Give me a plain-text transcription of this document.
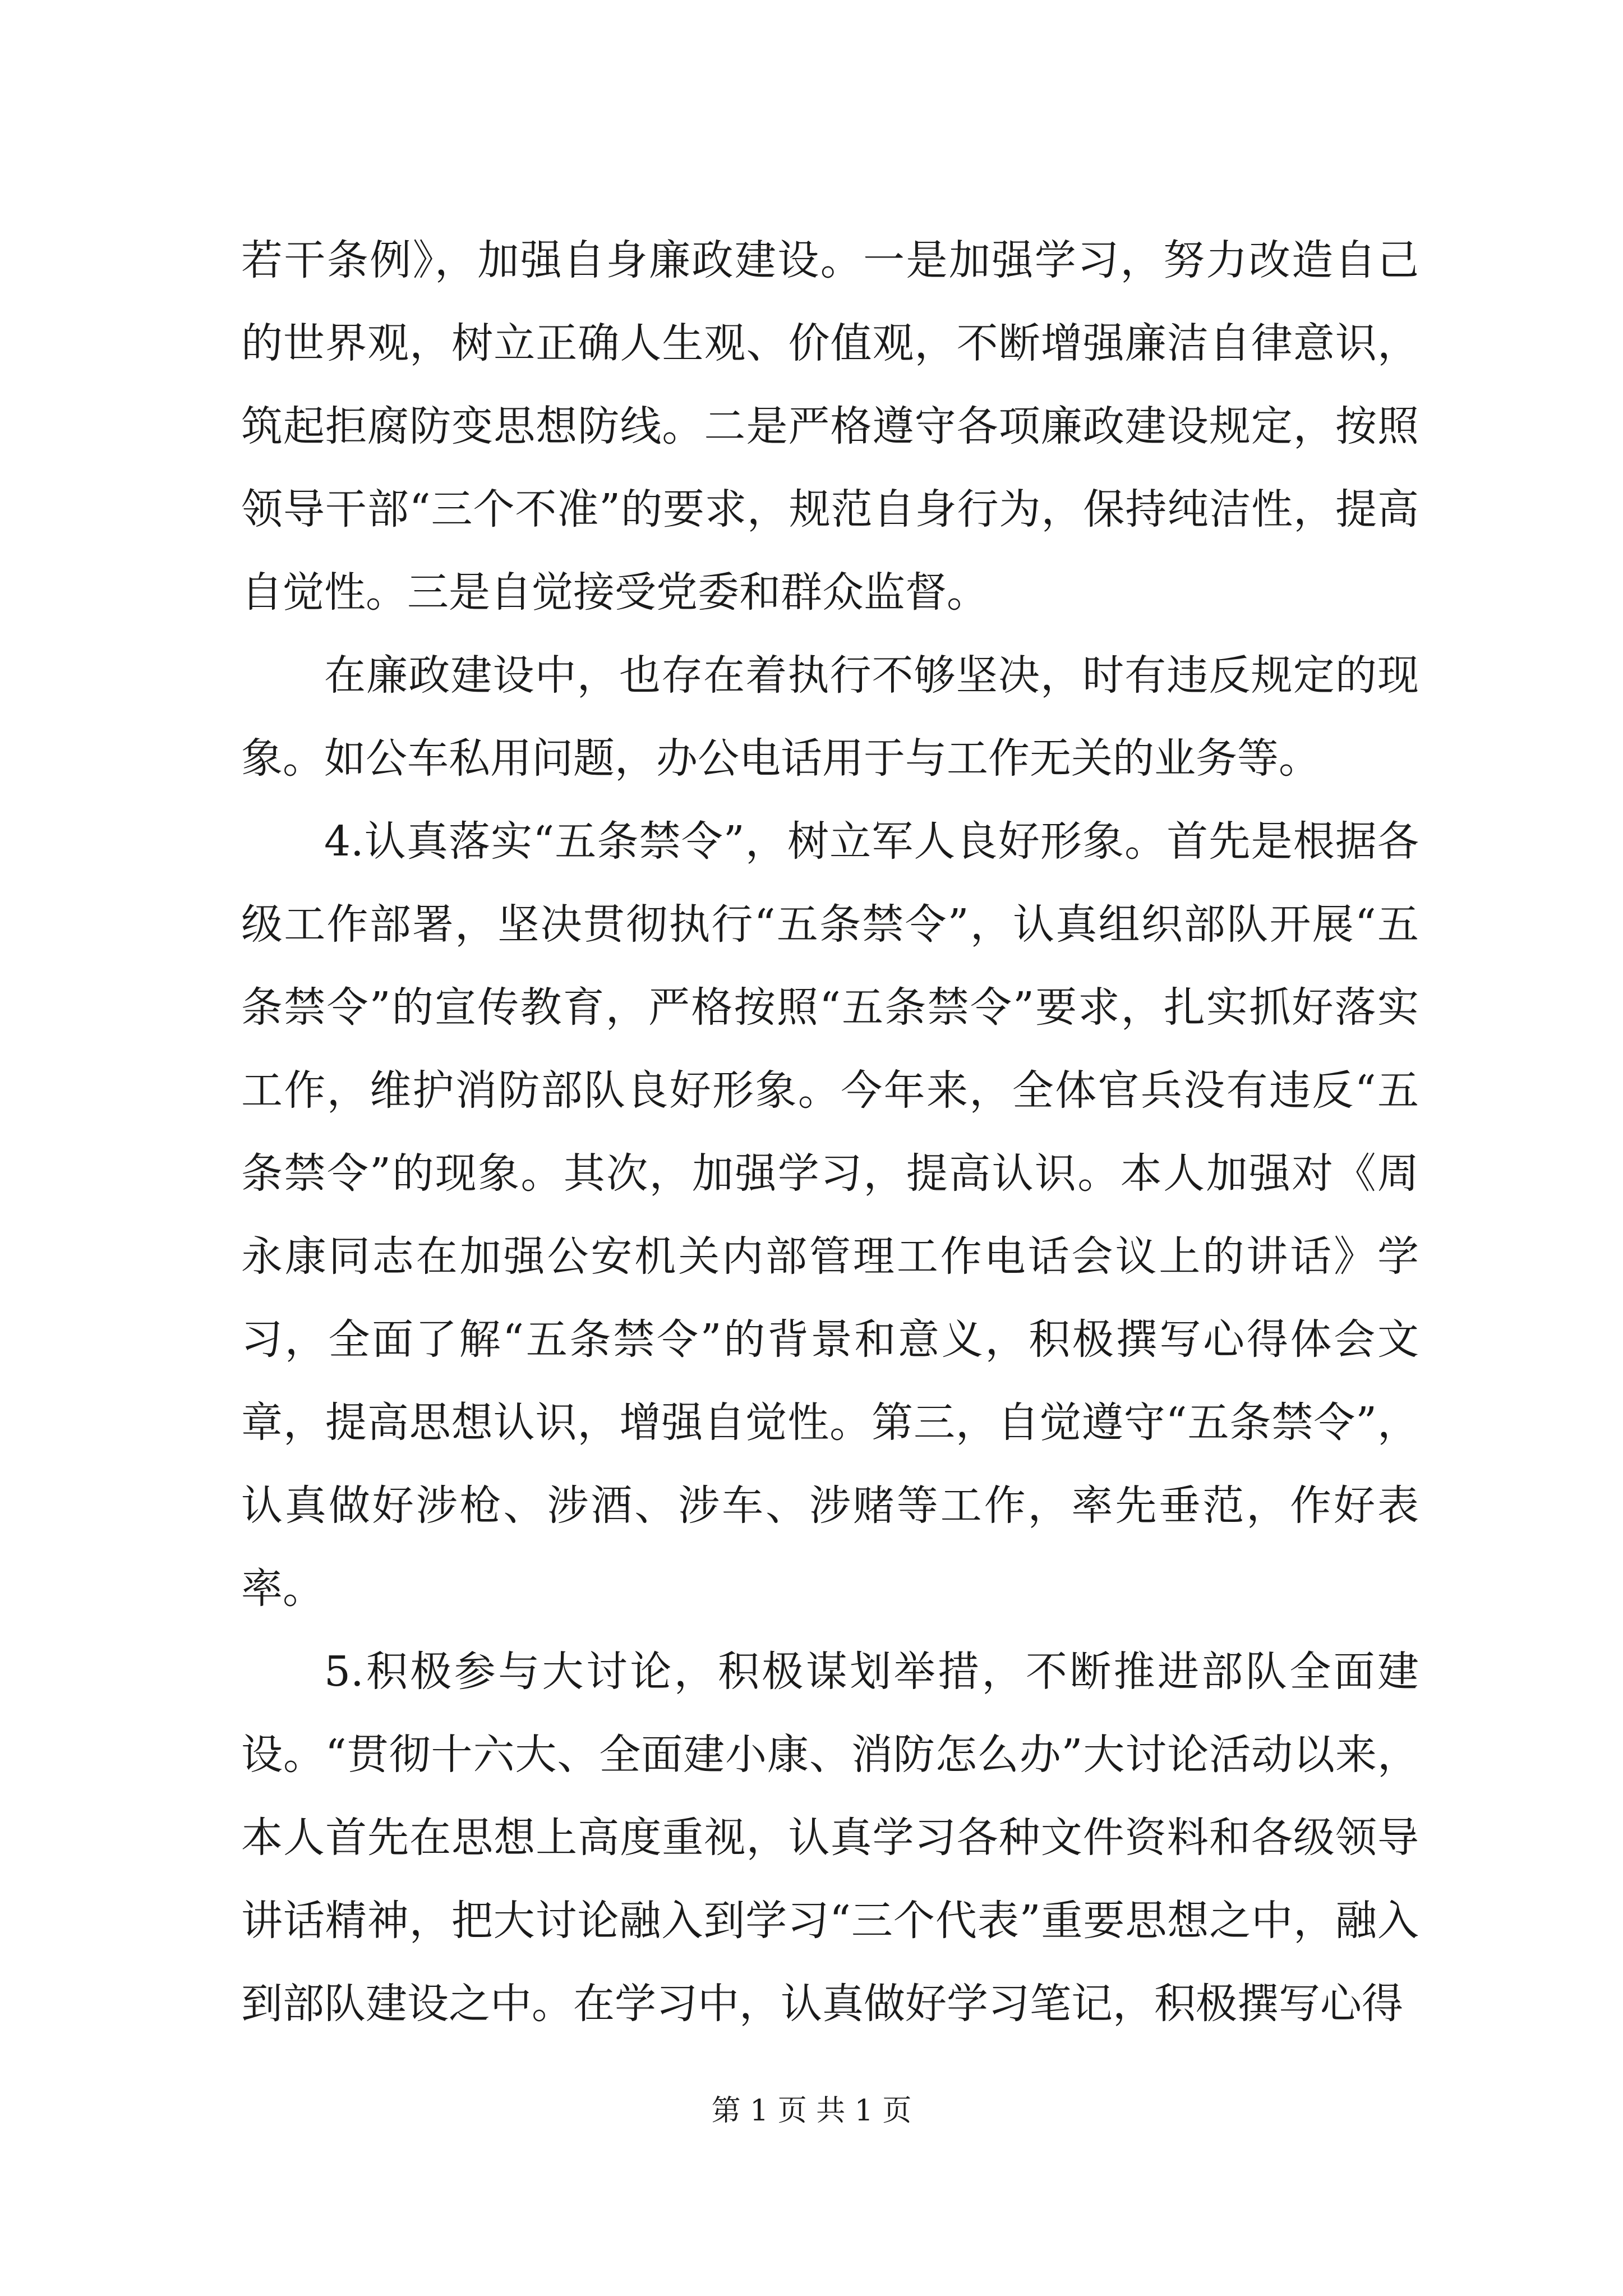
若干条例》，加强自身廉政建设。一是加强学习，努力改造自己的世界观，树立正确人生观、价值观，不断增强廉洁自律意识，筑起拒腐防变思想防线。二是严格遵守各项廉政建设规定，按照领导干部“三个不准”的要求，规范自身行为，保持纯洁性，提高自觉性。三是自觉接受党委和群众监督。

在廉政建设中，也存在着执行不够坚决，时有违反规定的现象。如公车私用问题，办公电话用于与工作无关的业务等。

4.认真落实“五条禁令”，树立军人良好形象。首先是根据各级工作部署，坚决贯彻执行“五条禁令”，认真组织部队开展“五条禁令”的宣传教育，严格按照“五条禁令”要求，扎实抓好落实工作，维护消防部队良好形象。今年来，全体官兵没有违反“五条禁令”的现象。其次，加强学习，提高认识。本人加强对《周永康同志在加强公安机关内部管理工作电话会议上的讲话》学习，全面了解“五条禁令”的背景和意义，积极撰写心得体会文章，提高思想认识，增强自觉性。第三，自觉遵守“五条禁令”，认真做好涉枪、涉酒、涉车、涉赌等工作，率先垂范，作好表率。

5.积极参与大讨论，积极谋划举措，不断推进部队全面建设。“贯彻十六大、全面建小康、消防怎么办”大讨论活动以来，本人首先在思想上高度重视，认真学习各种文件资料和各级领导讲话精神，把大讨论融入到学习“三个代表”重要思想之中，融入到部队建设之中。在学习中，认真做好学习笔记，积极撰写心得

第 1 页 共 1 页
